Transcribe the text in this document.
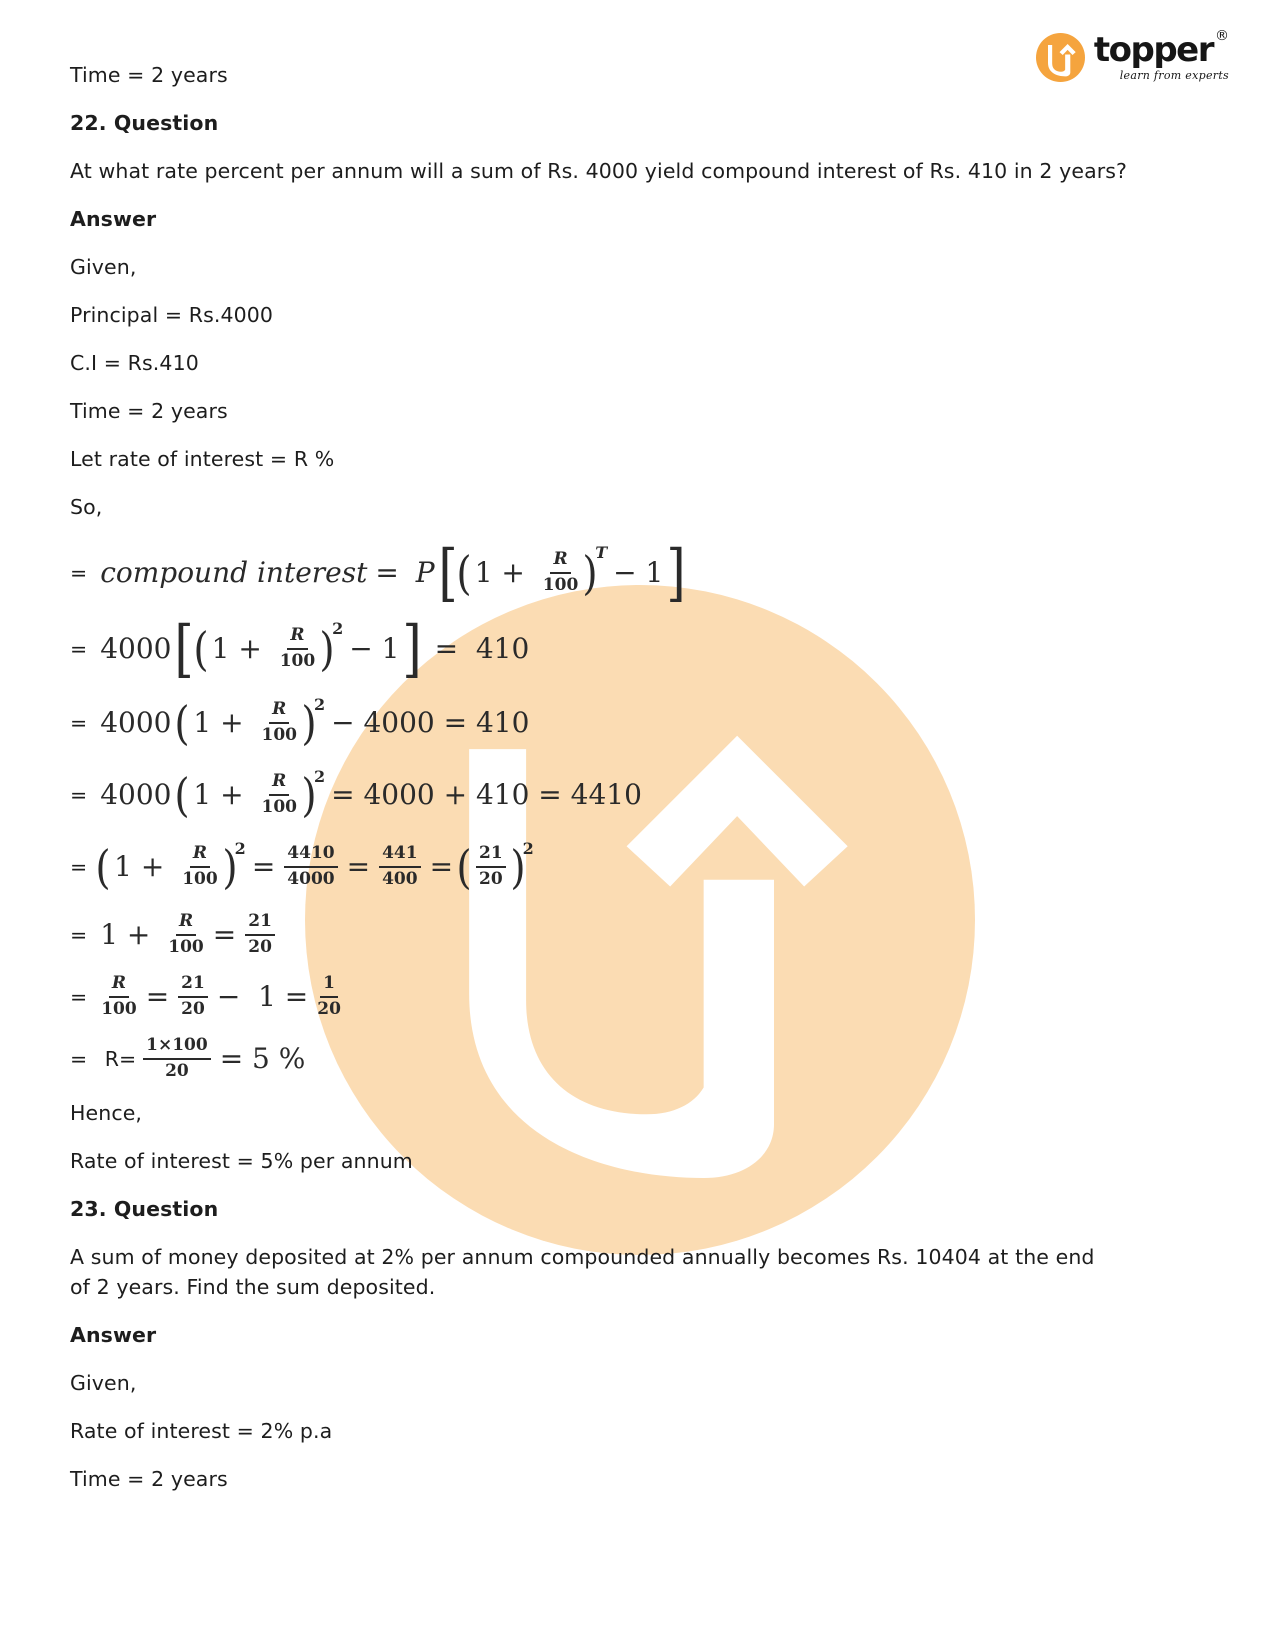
topper ®
learn from experts

Time = 2 years

22. Question

At what rate percent per annum will a sum of Rs. 4000 yield compound interest of Rs. 410 in 2 years?

Answer

Given,

Principal = Rs.4000

C.I = Rs.410

Time = 2 years

Let rate of interest = R %

So,

= compound interest = P [
( $1 + \frac{R}{100}$ )
T
− 1 ]
= 4000 [
( $1 + \frac{R}{100}$ )
2
− 1 ] =  410
= 4000 ( $1 + \frac{R}{100}$ )
2
− 4000 = 410
= 4000 ( $1 + \frac{R}{100}$ )
2
= 4000 + 410 = 4410
= ( $1 + \frac{R}{100}$ )
2
= $\frac{4410}{4000} = \frac{441}{400}$ = ( 21
20 )
2
= $1 + \frac{R}{100} = \frac{21}{20}$
= $\frac{R}{100} = \frac{21}{20} - 1 = \frac{1}{20}$
= $R= \frac{1\times 100}{20} = 5$ %

Hence,

Rate of interest = 5% per annum

23. Question

A sum of money deposited at 2% per annum compounded annually becomes Rs. 10404 at the end of 2 years. Find the sum deposited.

Answer

Given,

Rate of interest = 2% p.a

Time = 2 years
